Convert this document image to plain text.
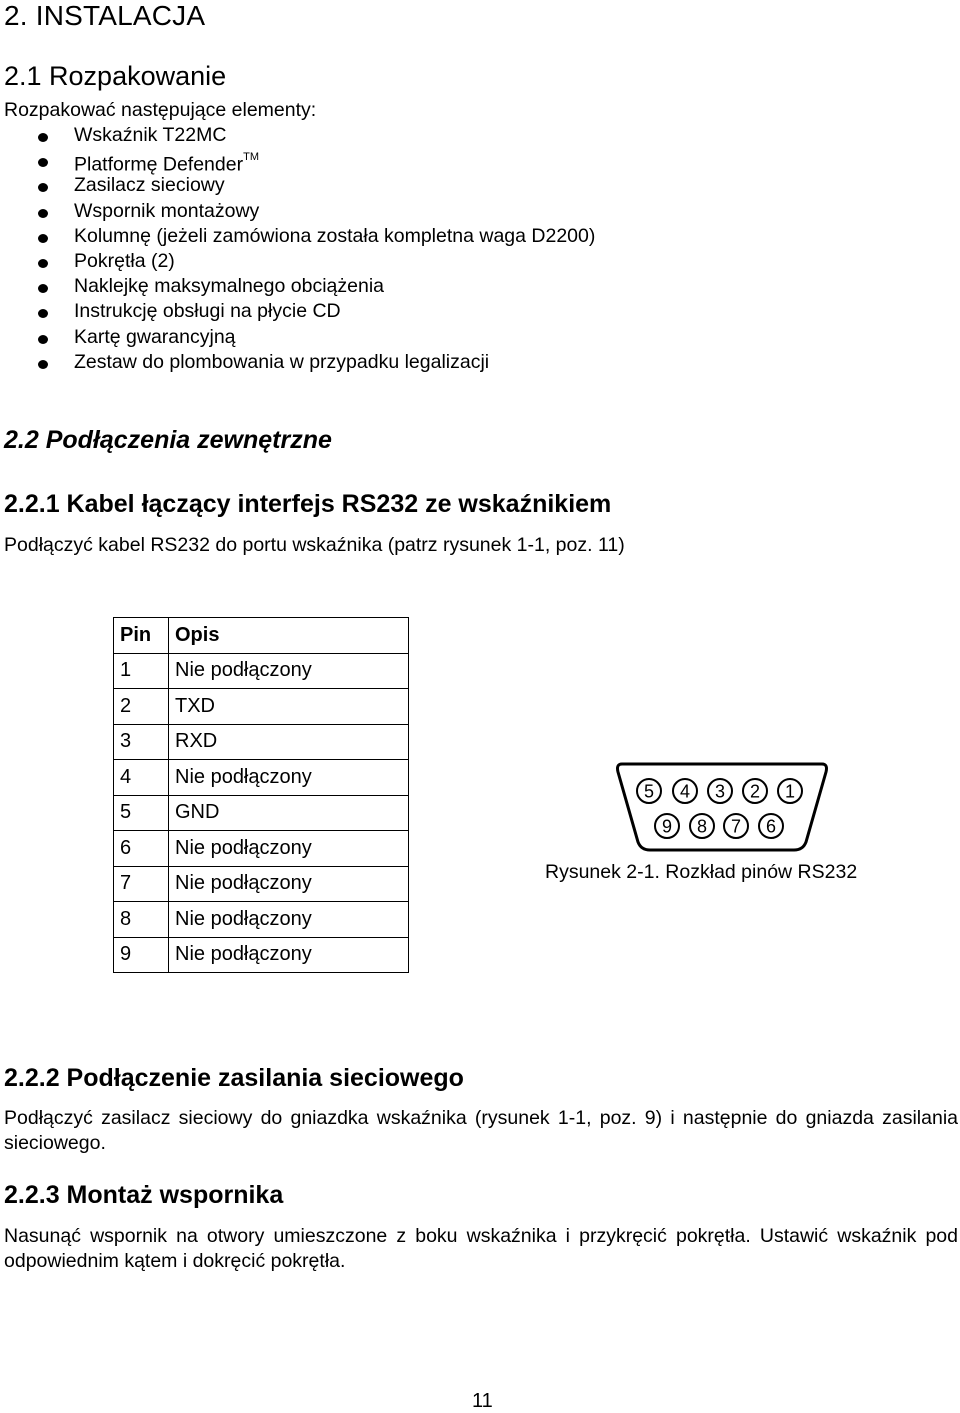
2. INSTALACJA
2.1 Rozpakowanie
Rozpakować następujące elementy:
Wskaźnik T22MC
Platformę Defender™
Zasilacz sieciowy
Wspornik montażowy
Kolumnę (jeżeli zamówiona została kompletna waga D2200)
Pokrętła (2)
Naklejkę maksymalnego obciążenia
Instrukcję obsługi na płycie CD
Kartę gwarancyjną
Zestaw do plombowania w przypadku legalizacji
2.2 Podłączenia zewnętrzne
2.2.1 Kabel łączący interfejs RS232 ze wskaźnikiem
Podłączyć kabel RS232 do portu wskaźnika (patrz rysunek 1-1, poz. 11)
Pin	Opis
1	Nie podłączony
2	TXD
3	RXD
4	Nie podłączony
5	GND
6	Nie podłączony
7	Nie podłączony
8	Nie podłączony
9	Nie podłączony
5 4 3 2 1
9 8 7 6
Rysunek 2-1. Rozkład pinów RS232
2.2.2 Podłączenie zasilania sieciowego
Podłączyć zasilacz sieciowy do gniazdka wskaźnika (rysunek 1-1, poz. 9) i następnie do gniazda zasilania sieciowego.
2.2.3 Montaż wspornika
Nasunąć wspornik na otwory umieszczone z boku wskaźnika i przykręcić pokrętła. Ustawić wskaźnik pod odpowiednim kątem i dokręcić pokrętła.
11
